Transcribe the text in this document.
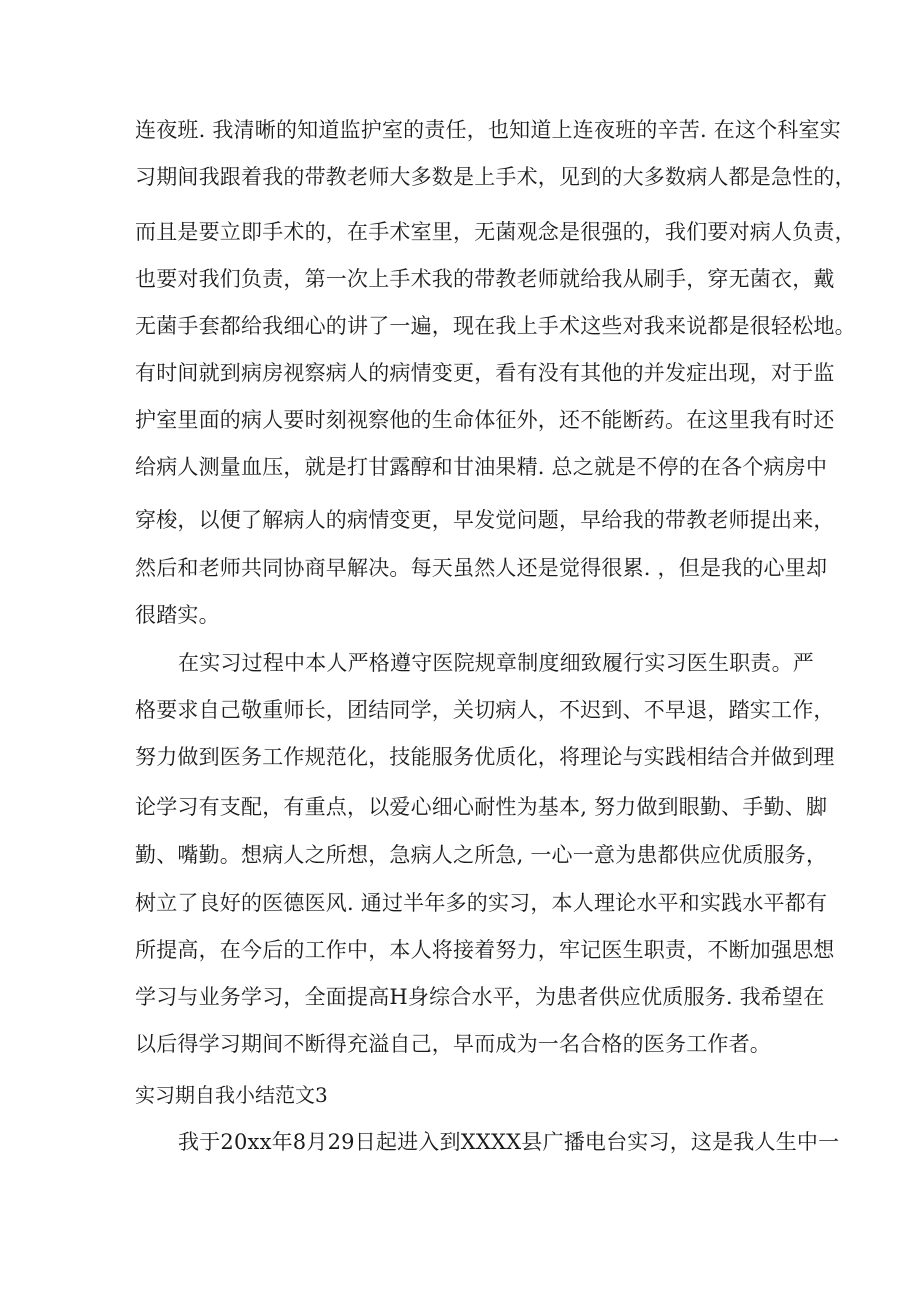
连夜班. 我清晰的知道监护室的责任，也知道上连夜班的辛苦. 在这个科室实
习期间我跟着我的带教老师大多数是上手术，见到的大多数病人都是急性的，
而且是要立即手术的，在手术室里，无菌观念是很强的，我们要对病人负责，
也要对我们负责，第一次上手术我的带教老师就给我从刷手，穿无菌衣，戴
无菌手套都给我细心的讲了一遍，现在我上手术这些对我来说都是很轻松地。
有时间就到病房视察病人的病情变更，看有没有其他的并发症出现，对于监
护室里面的病人要时刻视察他的生命体征外，还不能断药。在这里我有时还
给病人测量血压，就是打甘露醇和甘油果精. 总之就是不停的在各个病房中
穿梭，以便了解病人的病情变更，早发觉问题，早给我的带教老师提出来，
然后和老师共同协商早解决。每天虽然人还是觉得很累. ，但是我的心里却
很踏实。
在实习过程中本人严格遵守医院规章制度细致履行实习医生职责。严
格要求自己敬重师长，团结同学，关切病人，不迟到、不早退，踏实工作，
努力做到医务工作规范化，技能服务优质化，将理论与实践相结合并做到理
论学习有支配，有重点，以爱心细心耐性为基本, 努力做到眼勤、手勤、脚
勤、嘴勤。想病人之所想，急病人之所急, 一心一意为患都供应优质服务，
树立了良好的医德医风. 通过半年多的实习，本人理论水平和实践水平都有
所提高，在今后的工作中，本人将接着努力，牢记医生职责，不断加强思想
学习与业务学习，全面提高H身综合水平，为患者供应优质服务. 我希望在
以后得学习期间不断得充溢自己，早而成为一名合格的医务工作者。
实习期自我小结范文3
我于20xx年8月29日起进入到XXXX县广播电台实习，这是我人生中一
